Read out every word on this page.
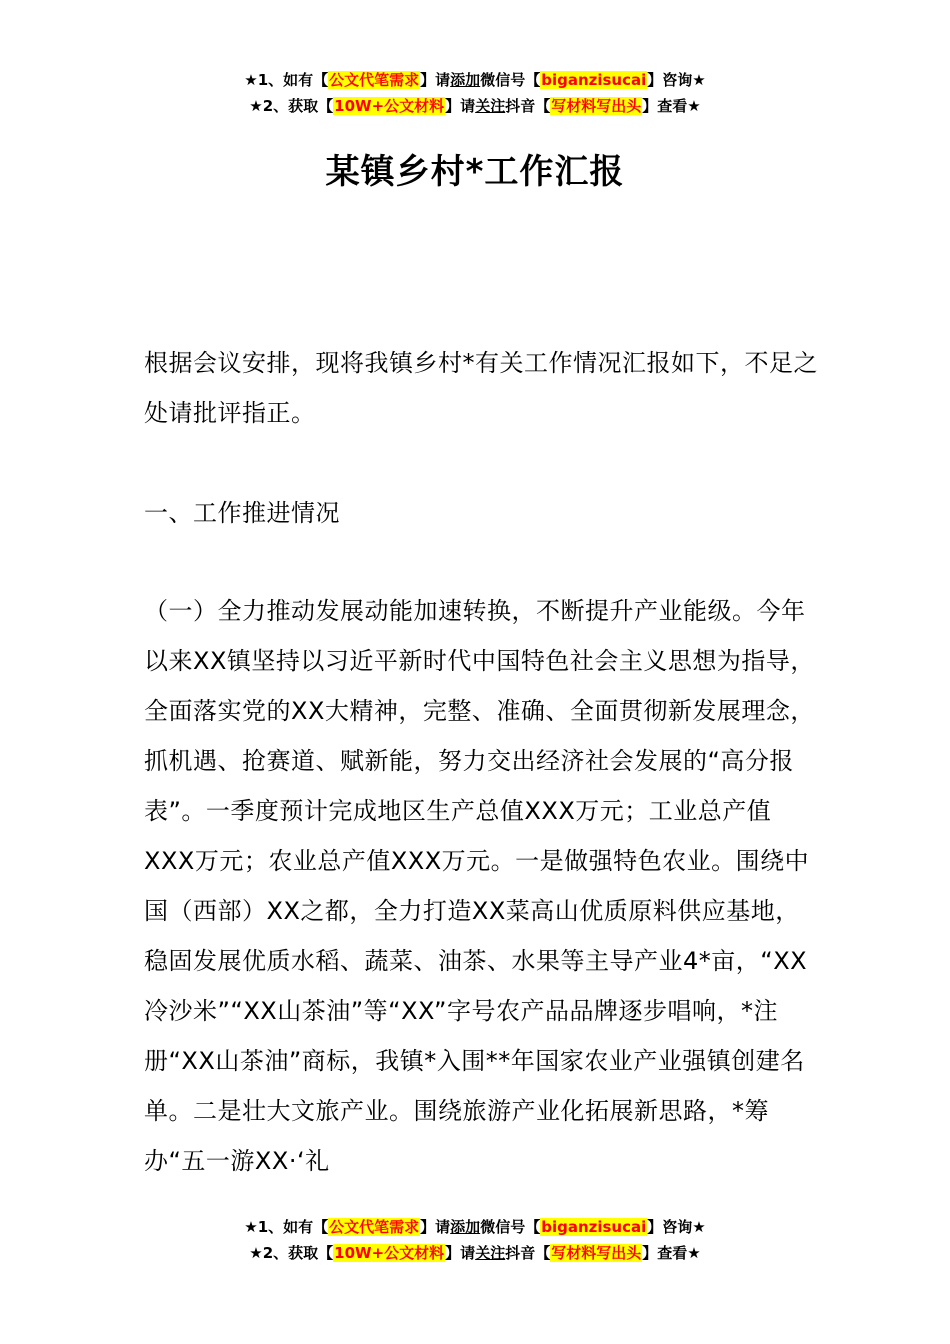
★1、如有【公文代笔需求】请添加微信号【biganzisucai】咨询★
★2、获取【10W+公文材料】请关注抖音【写材料写出头】查看★
某镇乡村*工作汇报

根据会议安排，现将我镇乡村*有关工作情况汇报如下，不足之处请批评指正。

一、工作推进情况

（一）全力推动发展动能加速转换，不断提升产业能级。今年以来XX镇坚持以习近平新时代中国特色社会主义思想为指导，全面落实党的XX大精神，完整、准确、全面贯彻新发展理念，抓机遇、抢赛道、赋新能，努力交出经济社会发展的“高分报表”。一季度预计完成地区生产总值XXX万元；工业总产值XXX万元；农业总产值XXX万元。一是做强特色农业。围绕中国（西部）XX之都，全力打造XX菜高山优质原料供应基地，稳固发展优质水稻、蔬菜、油茶、水果等主导产业4*亩，“XX冷沙米”“XX山茶油”等“XX”字号农产品品牌逐步唱响，*注册“XX山茶油”商标，我镇*入围**年国家农业产业强镇创建名单。二是壮大文旅产业。围绕旅游产业化拓展新思路，*筹办“五一游XX·‘礼

★1、如有【公文代笔需求】请添加微信号【biganzisucai】咨询★
★2、获取【10W+公文材料】请关注抖音【写材料写出头】查看★
